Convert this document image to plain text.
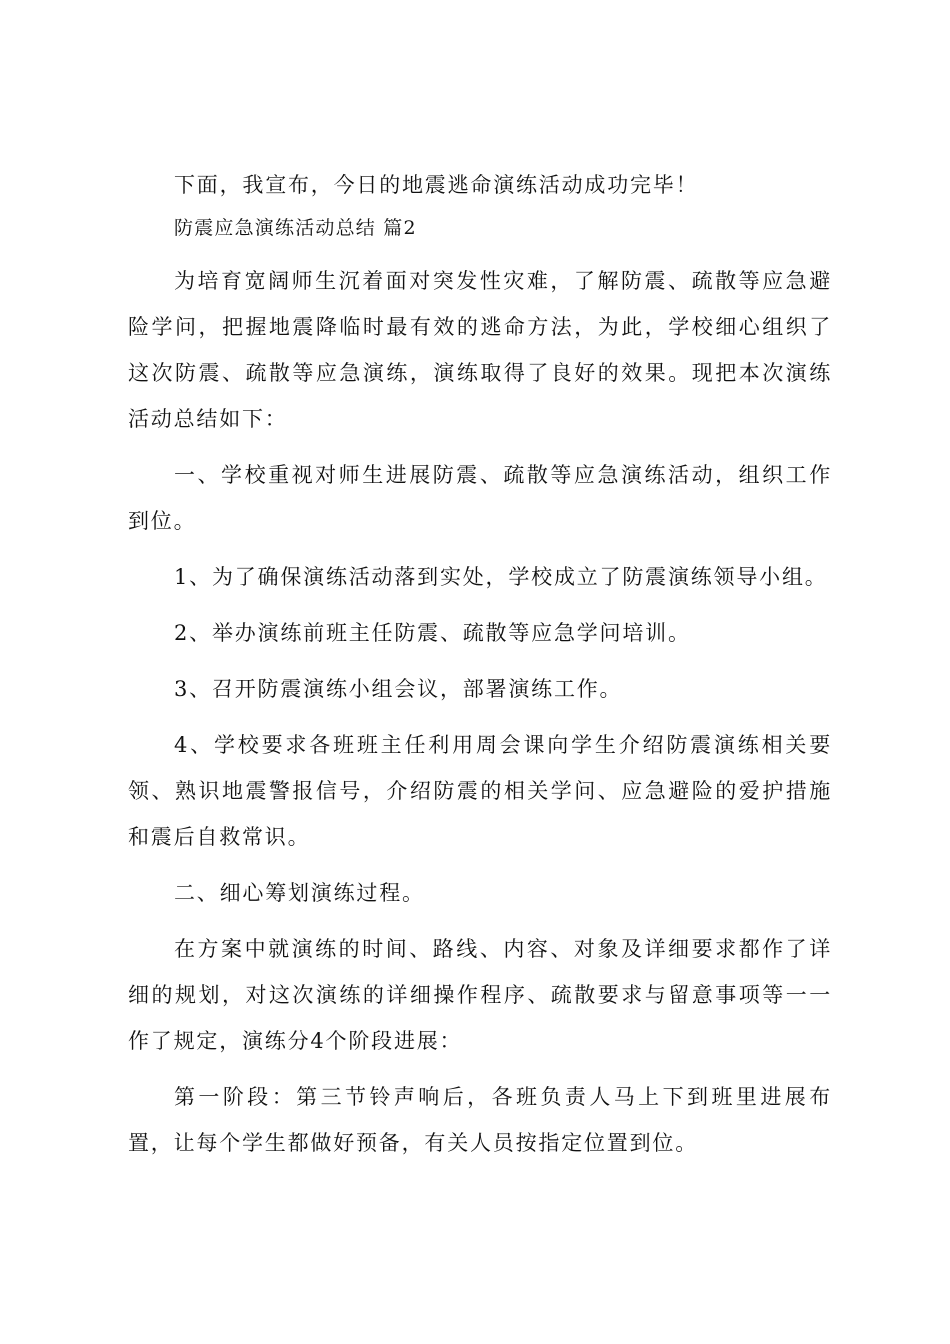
下面，我宣布，今日的地震逃命演练活动成功完毕！

防震应急演练活动总结 篇2

为培育宽阔师生沉着面对突发性灾难，了解防震、疏散等应急避险学问，把握地震降临时最有效的逃命方法，为此，学校细心组织了这次防震、疏散等应急演练，演练取得了良好的效果。现把本次演练活动总结如下：

一、学校重视对师生进展防震、疏散等应急演练活动，组织工作到位。

1、为了确保演练活动落到实处，学校成立了防震演练领导小组。

2、举办演练前班主任防震、疏散等应急学问培训。

3、召开防震演练小组会议，部署演练工作。

4、学校要求各班班主任利用周会课向学生介绍防震演练相关要领、熟识地震警报信号，介绍防震的相关学问、应急避险的爱护措施和震后自救常识。

二、细心筹划演练过程。

在方案中就演练的时间、路线、内容、对象及详细要求都作了详细的规划，对这次演练的详细操作程序、疏散要求与留意事项等一一作了规定，演练分4个阶段进展：

第一阶段：第三节铃声响后，各班负责人马上下到班里进展布置，让每个学生都做好预备，有关人员按指定位置到位。
